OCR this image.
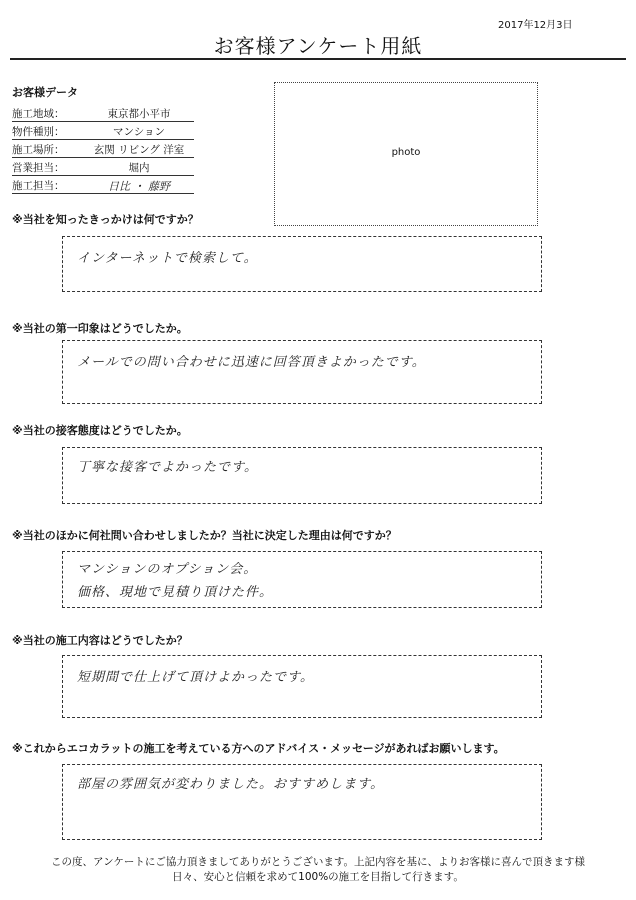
2017年12月3日
お客様アンケート用紙
お客様データ
施工地域：	東京都小平市
物件種別：	マンション
施工場所：	玄関 リビング 洋室
営業担当：	堀内
施工担当：	日比 ・ 藤野
photo
※当社を知ったきっかけは何ですか？
インターネットで検索して。
※当社の第一印象はどうでしたか。
メールでの問い合わせに迅速に回答頂きよかったです。
※当社の接客態度はどうでしたか。
丁寧な接客でよかったです。
※当社のほかに何社問い合わせしましたか？当社に決定した理由は何ですか？
マンションのオプション会。
価格、現地で見積り頂けた件。
※当社の施工内容はどうでしたか？
短期間で仕上げて頂けよかったです。
※これからエコカラットの施工を考えている方へのアドバイス・メッセージがあればお願いします。
部屋の雰囲気が変わりました。おすすめします。
この度、アンケートにご協力頂きましてありがとうございます。上記内容を基に、よりお客様に喜んで頂きます様
日々、安心と信頼を求めて100%の施工を目指して行きます。
